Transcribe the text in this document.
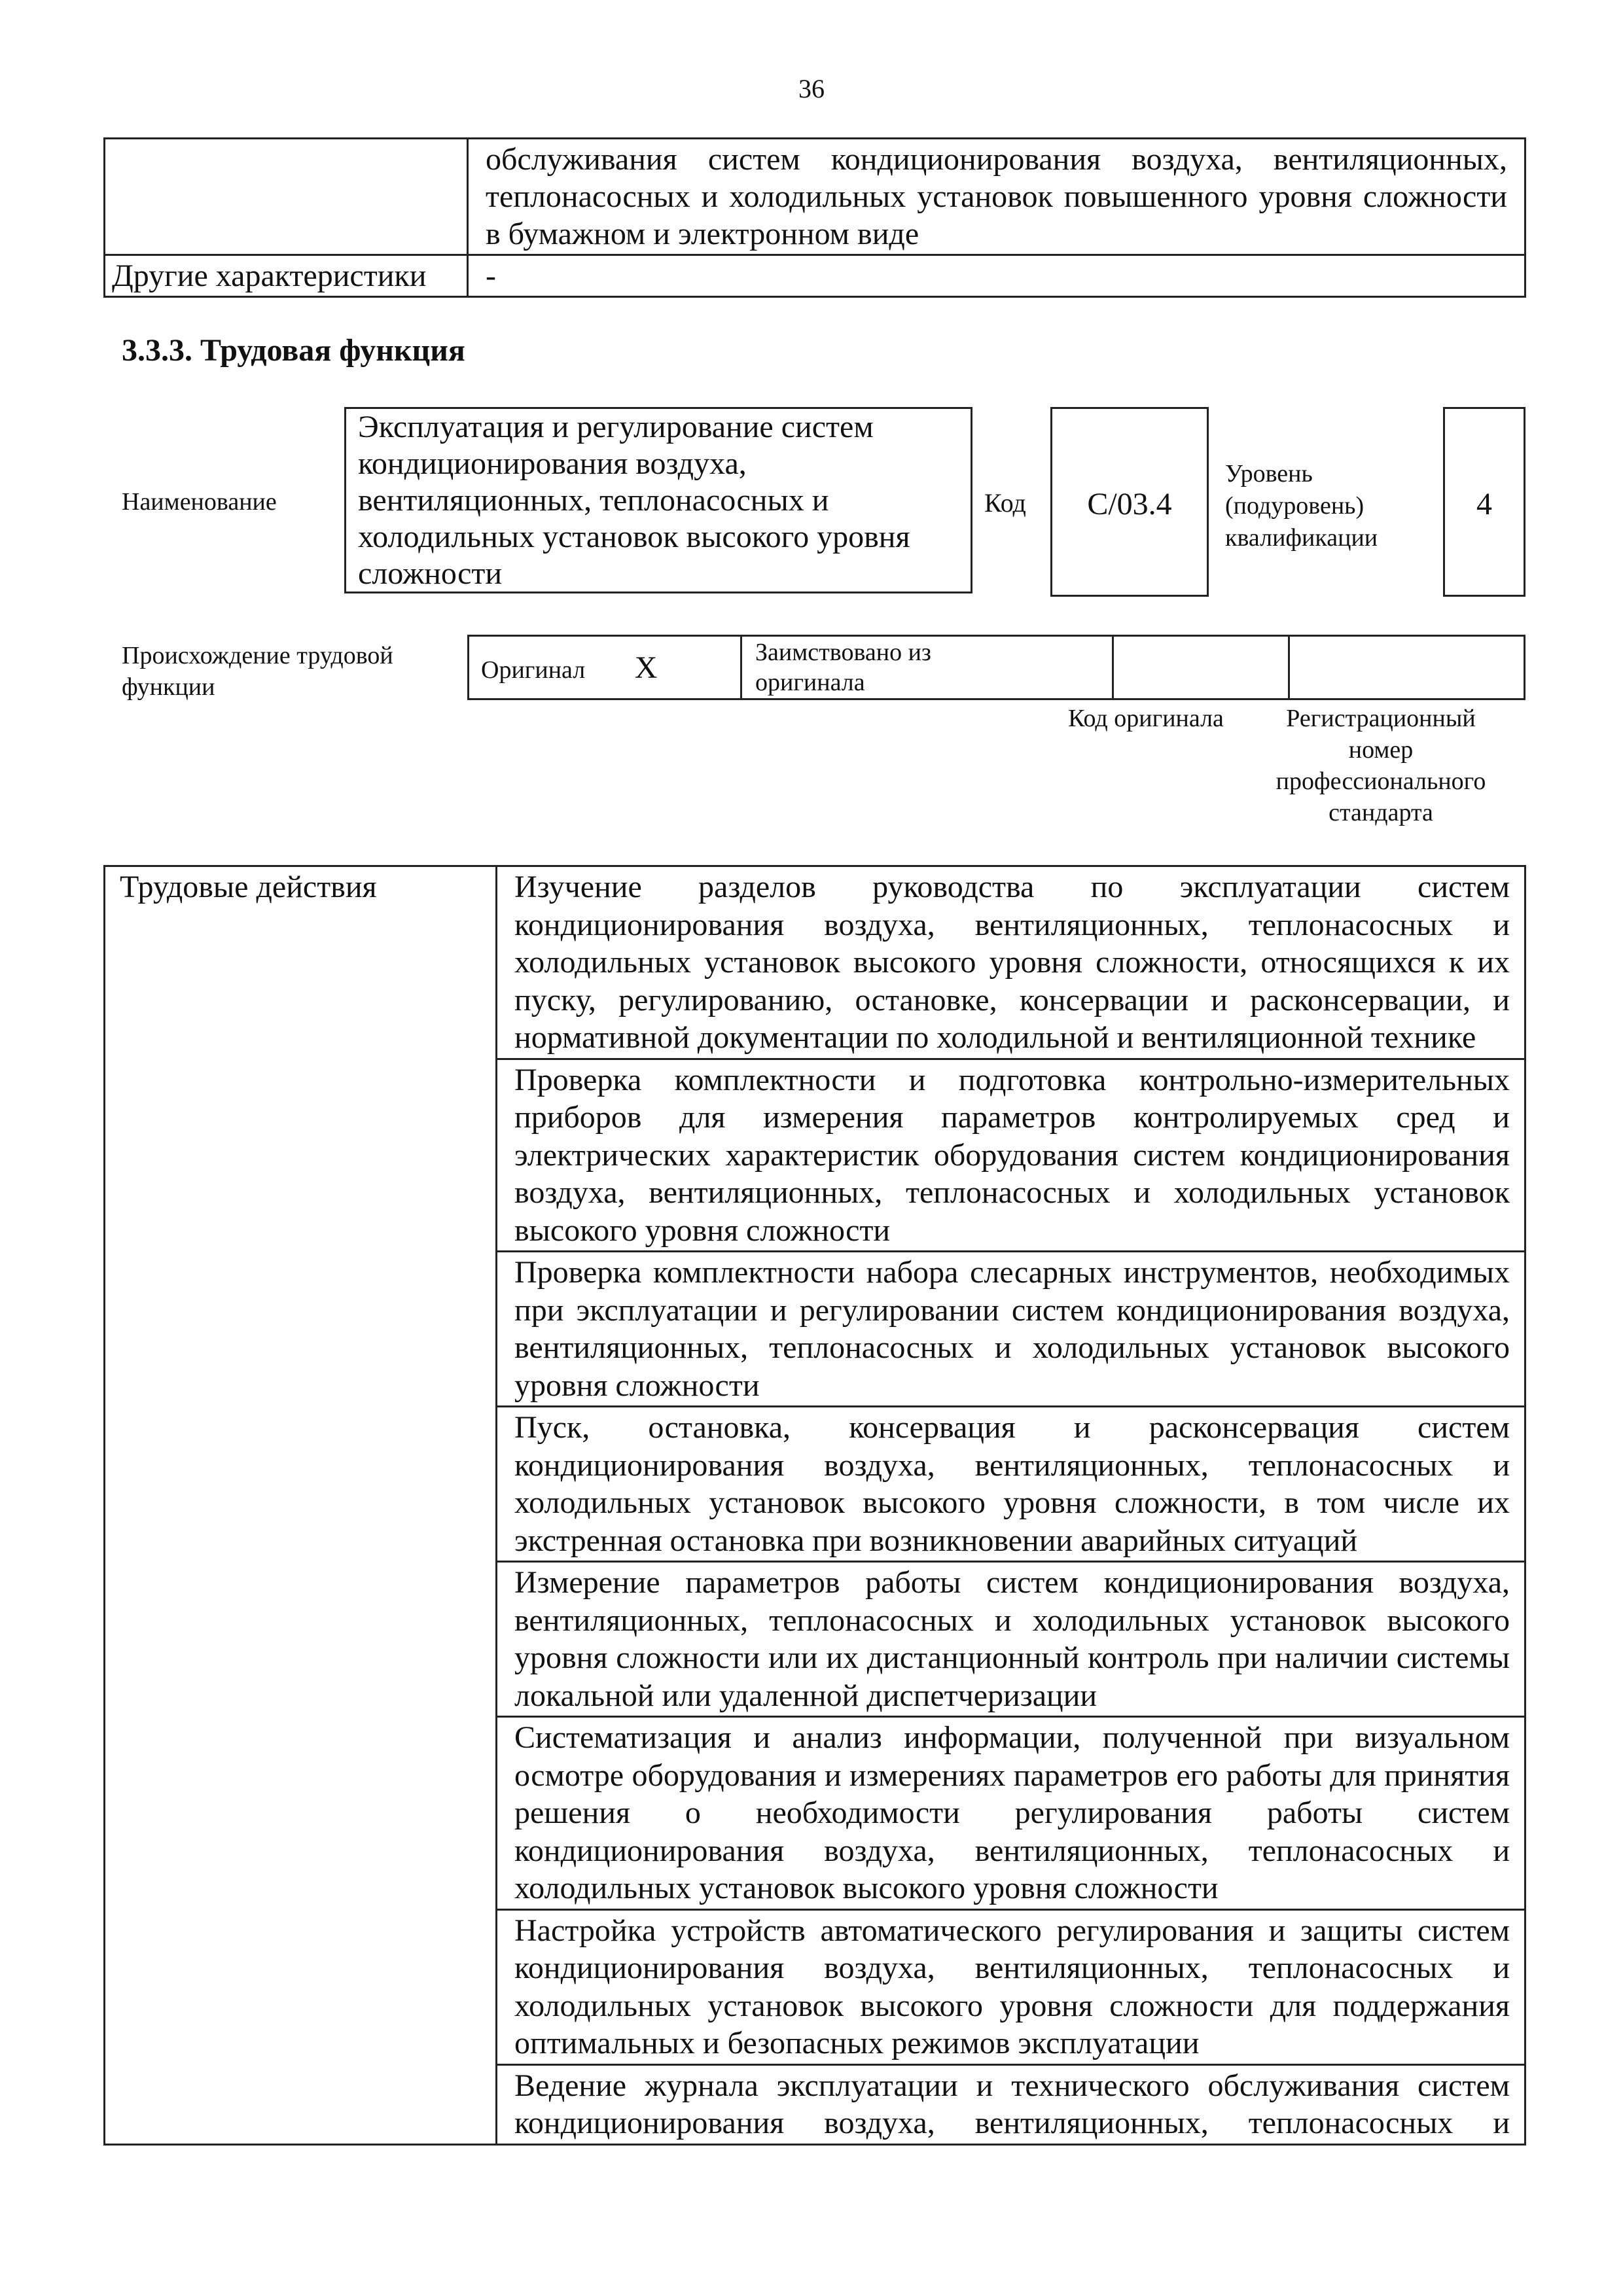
36
	обслуживания систем кондиционирования воздуха, вентиляционных, теплонасосных и холодильных установок повышенного уровня сложности в бумажном и электронном виде
Другие характеристики	-
3.3.3. Трудовая функция
Наименование
Эксплуатация и регулирование систем кондиционирования воздуха, вентиляционных, теплонасосных и холодильных установок высокого уровня сложности
Код	С/03.4
Уровень (подуровень) квалификации
4
Происхождение трудовой функции
Оригинал Х	Заимствовано из оригинала

Код оригинала	Регистрационный номер профессионального стандарта
Трудовые действия	Изучение разделов руководства по эксплуатации систем кондиционирования воздуха, вентиляционных, теплонасосных и холодильных установок высокого уровня сложности, относящихся к их пуску, регулированию, остановке, консервации и расконсервации, и нормативной документации по холодильной и вентиляционной технике
Проверка комплектности и подготовка контрольно-измерительных приборов для измерения параметров контролируемых сред и электрических характеристик оборудования систем кондиционирования воздуха, вентиляционных, теплонасосных и холодильных установок высокого уровня сложности
Проверка комплектности набора слесарных инструментов, необходимых при эксплуатации и регулировании систем кондиционирования воздуха, вентиляционных, теплонасосных и холодильных установок высокого уровня сложности
Пуск, остановка, консервация и расконсервация систем кондиционирования воздуха, вентиляционных, теплонасосных и холодильных установок высокого уровня сложности, в том числе их экстренная остановка при возникновении аварийных ситуаций
Измерение параметров работы систем кондиционирования воздуха, вентиляционных, теплонасосных и холодильных установок высокого уровня сложности или их дистанционный контроль при наличии системы локальной или удаленной диспетчеризации
Систематизация и анализ информации, полученной при визуальном осмотре оборудования и измерениях параметров его работы для принятия решения о необходимости регулирования работы систем кондиционирования воздуха, вентиляционных, теплонасосных и холодильных установок высокого уровня сложности
Настройка устройств автоматического регулирования и защиты систем кондиционирования воздуха, вентиляционных, теплонасосных и холодильных установок высокого уровня сложности для поддержания оптимальных и безопасных режимов эксплуатации
Ведение журнала эксплуатации и технического обслуживания систем кондиционирования воздуха, вентиляционных, теплонасосных и
